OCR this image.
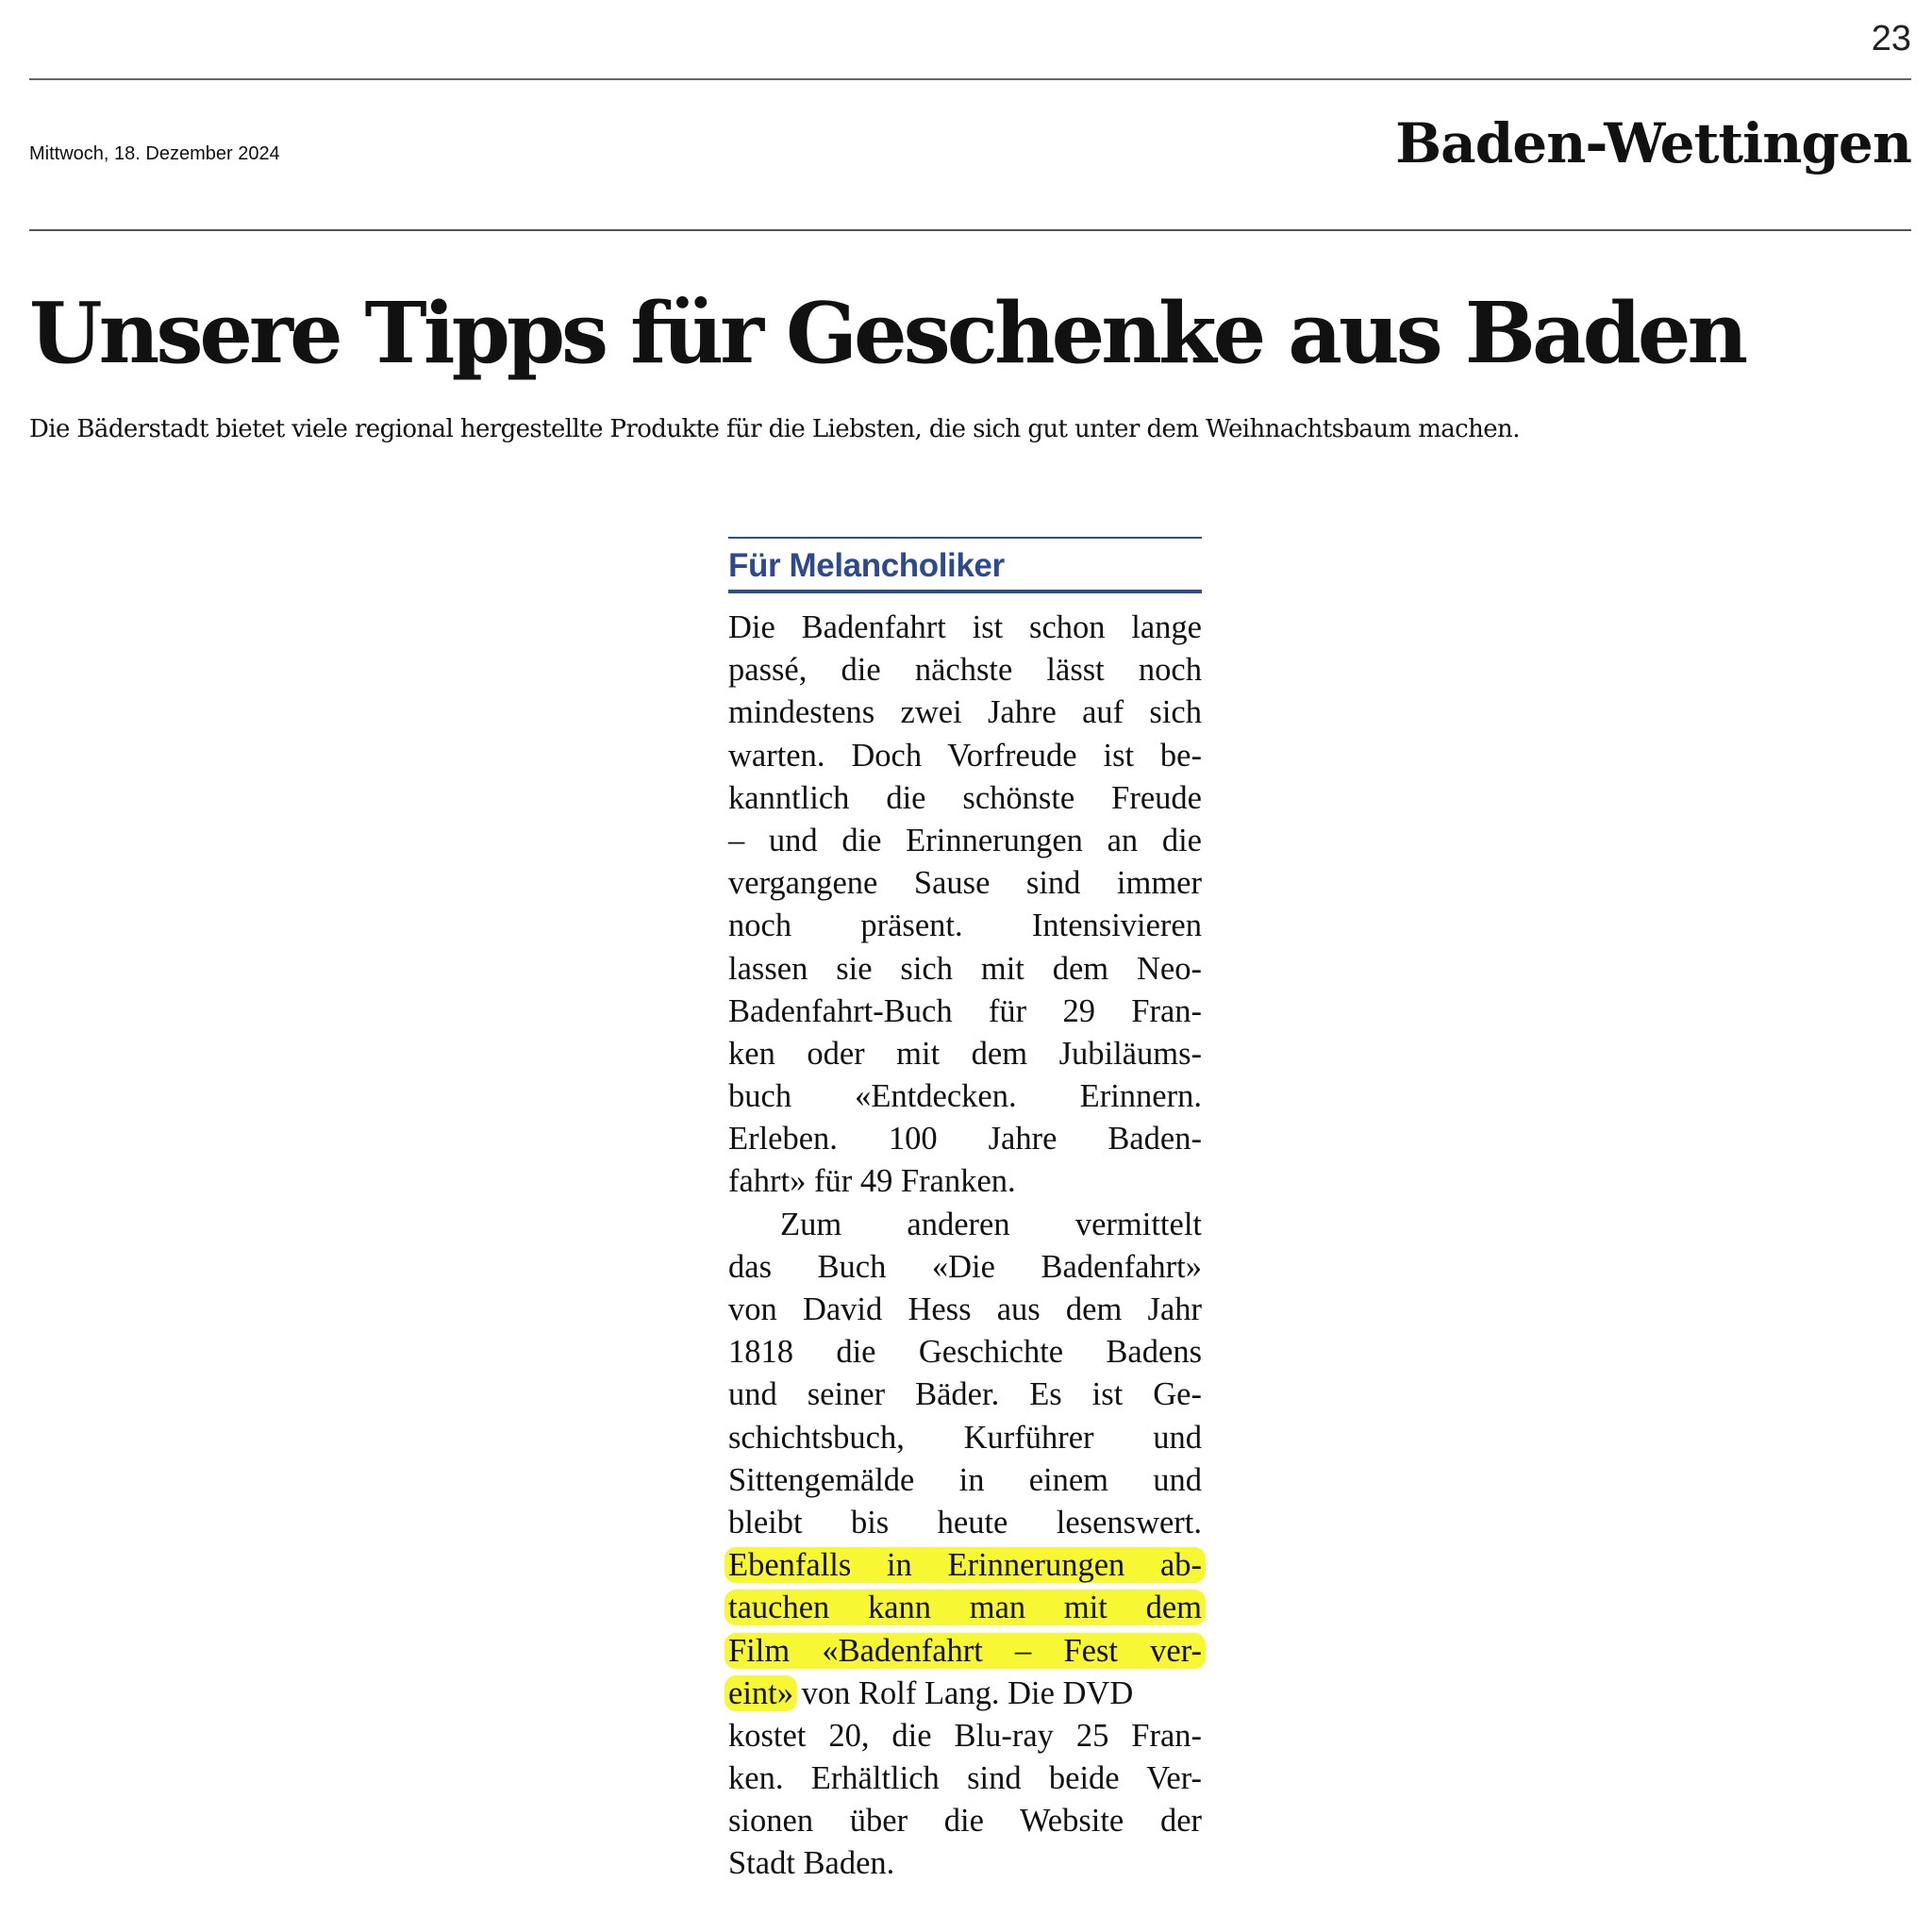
23
Mittwoch, 18. Dezember 2024	Baden-Wettingen
Unsere Tipps für Geschenke aus Baden

Die Bäderstadt bietet viele regional hergestellte Produkte für die Liebsten, die sich gut unter dem Weihnachtsbaum machen.

Für Melancholiker
Die Badenfahrt ist schon lange
passé, die nächste lässt noch
mindestens zwei Jahre auf sich
warten. Doch Vorfreude ist be-
kanntlich die schönste Freude
– und die Erinnerungen an die
vergangene Sause sind immer
noch präsent. Intensivieren
lassen sie sich mit dem Neo-
Badenfahrt-Buch für 29 Fran-
ken oder mit dem Jubiläums-
buch «Entdecken. Erinnern.
Erleben. 100 Jahre Baden-
fahrt» für 49 Franken.
Zum anderen vermittelt
das Buch «Die Badenfahrt»
von David Hess aus dem Jahr
1818 die Geschichte Badens
und seiner Bäder. Es ist Ge-
schichtsbuch, Kurführer und
Sittengemälde in einem und
bleibt bis heute lesenswert.
Ebenfalls in Erinnerungen ab-
tauchen kann man mit dem
Film «Badenfahrt – Fest ver-
eint» von Rolf Lang. Die DVD
kostet 20, die Blu-ray 25 Fran-
ken. Erhältlich sind beide Ver-
sionen über die Website der
Stadt Baden.
